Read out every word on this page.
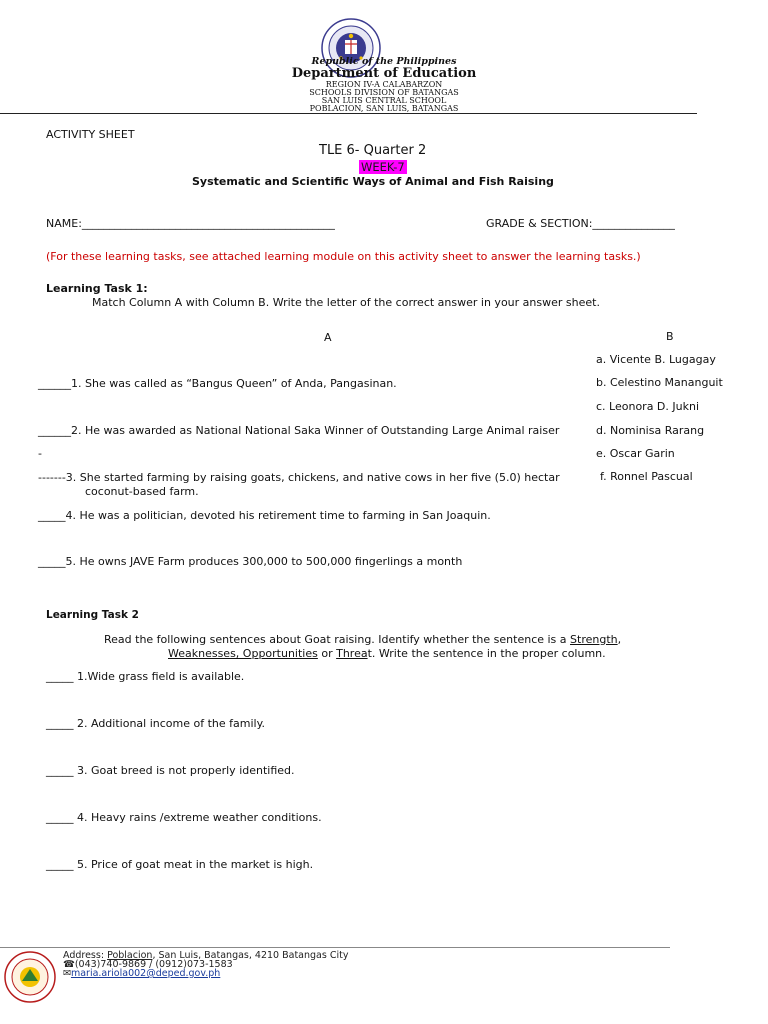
Republic of the Philippines
Department of Education
REGION IV-A CALABARZON
SCHOOLS DIVISION OF BATANGAS
SAN LUIS CENTRAL SCHOOL
POBLACION, SAN LUIS, BATANGAS
ACTIVITY SHEET
TLE 6- Quarter 2
WEEK-7
Systematic and Scientific Ways of Animal and Fish Raising
NAME:______________________________________________	GRADE & SECTION:_______________
(For these learning tasks, see attached learning module on this activity sheet to answer the learning tasks.)
Learning Task 1:
Match Column A with Column B. Write the letter of the correct answer in your answer sheet.
A	B
______1. She was called as “Bangus Queen” of Anda, Pangasinan.
______2. He was awarded as National National Saka Winner of Outstanding Large Animal raiser
-
-------3. She started farming by raising goats, chickens, and native cows in her five (5.0) hectar
coconut-based farm.
_____4. He was a politician, devoted his retirement time to farming in San Joaquin.
_____5. He owns JAVE Farm produces 300,000 to 500,000 fingerlings a month
a. Vicente B. Lugagay
b. Celestino Mananguit
c. Leonora D. Jukni
d. Nominisa Rarang
e. Oscar Garin
f. Ronnel Pascual
Learning Task 2
Read the following sentences about Goat raising. Identify whether the sentence is a Strength,
Weaknesses, Opportunities or Threat. Write the sentence in the proper column.
_____ 1.Wide grass field is available.
_____ 2. Additional income of the family.
_____ 3. Goat breed is not properly identified.
_____ 4. Heavy rains /extreme weather conditions.
_____ 5. Price of goat meat in the market is high.
Address: Poblacion, San Luis, Batangas, 4210 Batangas City
☎(043)740-9869 / (0912)073-1583
✉maria.ariola002@deped.gov.ph
